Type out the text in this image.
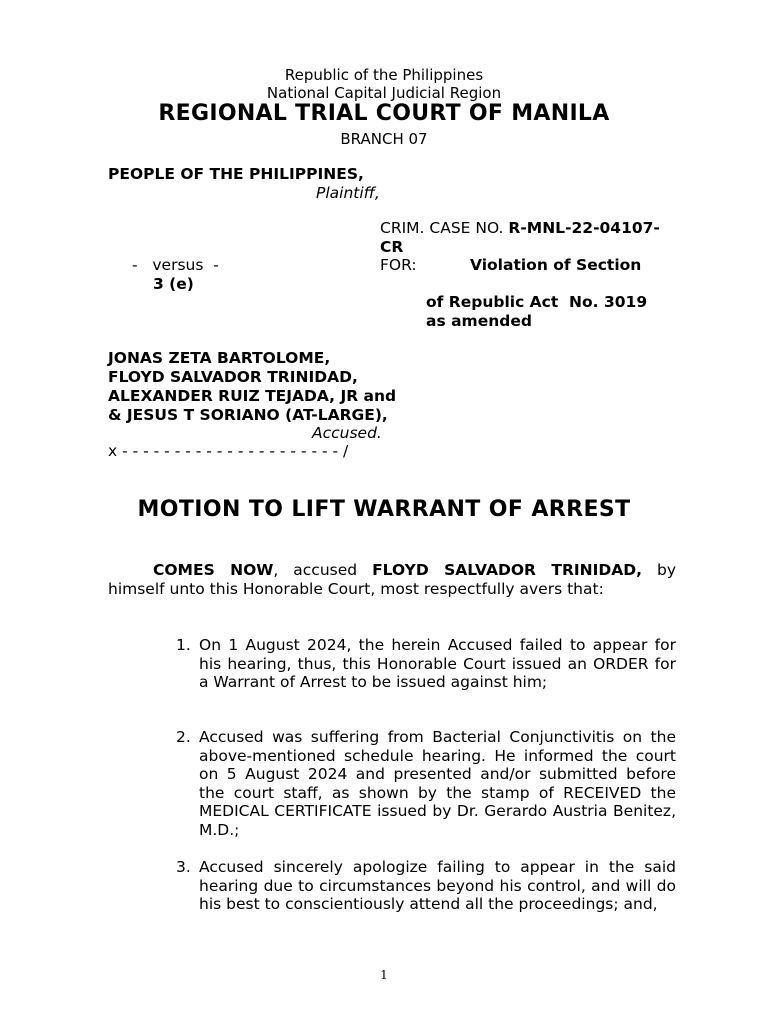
Republic of the Philippines
National Capital Judicial Region
REGIONAL TRIAL COURT OF MANILA
BRANCH 07
PEOPLE OF THE PHILIPPINES,
Plaintiff,
CRIM. CASE NO. R-MNL-22-04107-
CR
-   versus  -	FOR:	Violation of Section
3 (e)
of Republic Act  No. 3019
as amended
JONAS ZETA BARTOLOME,
FLOYD SALVADOR TRINIDAD,
ALEXANDER RUIZ TEJADA, JR and
& JESUS T SORIANO (AT-LARGE),
Accused.
x - - - - - - - - - - - - - - - - - - - - - /
MOTION TO LIFT WARRANT OF ARREST
COMES NOW, accused FLOYD SALVADOR TRINIDAD, by himself unto this Honorable Court, most respectfully avers that:
1. On 1 August 2024, the herein Accused failed to appear for his hearing, thus, this Honorable Court issued an ORDER for a Warrant of Arrest to be issued against him;
2. Accused was suffering from Bacterial Conjunctivitis on the above-mentioned schedule hearing. He informed the court on 5 August 2024 and presented and/or submitted before the court staff, as shown by the stamp of RECEIVED the MEDICAL CERTIFICATE issued by Dr. Gerardo Austria Benitez, M.D.;
3. Accused sincerely apologize failing to appear in the said hearing due to circumstances beyond his control, and will do his best to conscientiously attend all the proceedings; and,
1
